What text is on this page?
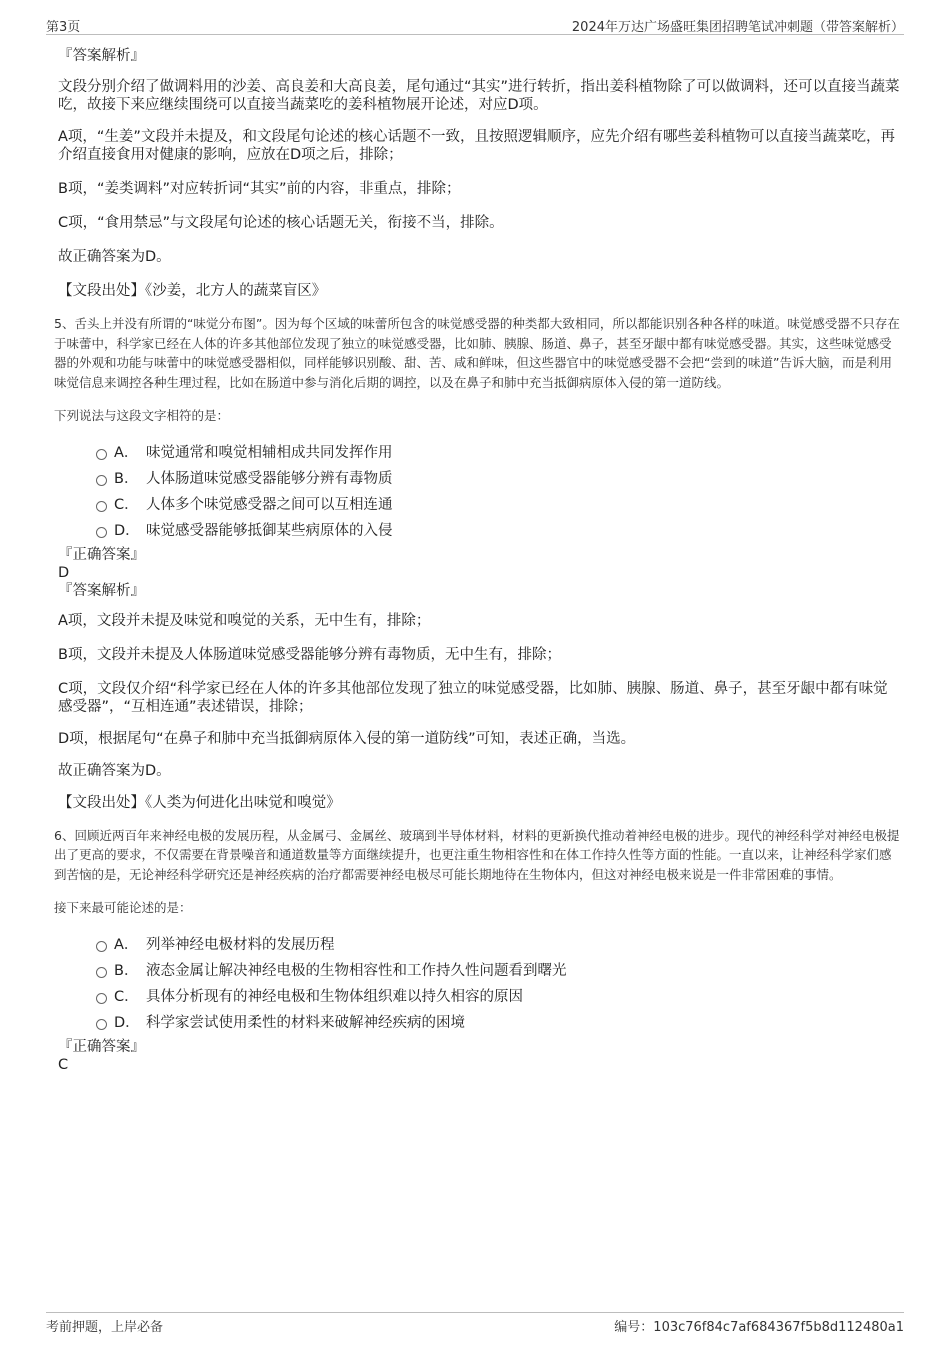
第3页	2024年万达广场盛旺集团招聘笔试冲刺题（带答案解析）
『答案解析』

文段分别介绍了做调料用的沙姜、高良姜和大高良姜，尾句通过“其实”进行转折，指出姜科植物除了可以做调料，还可以直接当蔬菜吃，故接下来应继续围绕可以直接当蔬菜吃的姜科植物展开论述，对应D项。

A项，“生姜”文段并未提及，和文段尾句论述的核心话题不一致，且按照逻辑顺序，应先介绍有哪些姜科植物可以直接当蔬菜吃，再介绍直接食用对健康的影响，应放在D项之后，排除；

B项，“姜类调料”对应转折词“其实”前的内容，非重点，排除；

C项，“食用禁忌”与文段尾句论述的核心话题无关，衔接不当，排除。

故正确答案为D。

【文段出处】《沙姜，北方人的蔬菜盲区》

5、舌头上并没有所谓的“味觉分布图”。因为每个区域的味蕾所包含的味觉感受器的种类都大致相同，所以都能识别各种各样的味道。味觉感受器不只存在于味蕾中，科学家已经在人体的许多其他部位发现了独立的味觉感受器，比如肺、胰腺、肠道、鼻子，甚至牙龈中都有味觉感受器。其实，这些味觉感受器的外观和功能与味蕾中的味觉感受器相似，同样能够识别酸、甜、苦、咸和鲜味，但这些器官中的味觉感受器不会把“尝到的味道”告诉大脑，而是利用味觉信息来调控各种生理过程，比如在肠道中参与消化后期的调控，以及在鼻子和肺中充当抵御病原体入侵的第一道防线。

下列说法与这段文字相符的是：

A． 味觉通常和嗅觉相辅相成共同发挥作用
B． 人体肠道味觉感受器能够分辨有毒物质
C． 人体多个味觉感受器之间可以互相连通
D． 味觉感受器能够抵御某些病原体的入侵
『正确答案』
D
『答案解析』

A项，文段并未提及味觉和嗅觉的关系，无中生有，排除；

B项，文段并未提及人体肠道味觉感受器能够分辨有毒物质，无中生有，排除；

C项，文段仅介绍“科学家已经在人体的许多其他部位发现了独立的味觉感受器，比如肺、胰腺、肠道、鼻子，甚至牙龈中都有味觉感受器”，“互相连通”表述错误，排除；

D项，根据尾句“在鼻子和肺中充当抵御病原体入侵的第一道防线”可知，表述正确，当选。

故正确答案为D。

【文段出处】《人类为何进化出味觉和嗅觉》

6、回顾近两百年来神经电极的发展历程，从金属弓、金属丝、玻璃到半导体材料，材料的更新换代推动着神经电极的进步。现代的神经科学对神经电极提出了更高的要求，不仅需要在背景噪音和通道数量等方面继续提升，也更注重生物相容性和在体工作持久性等方面的性能。一直以来，让神经科学家们感到苦恼的是，无论神经科学研究还是神经疾病的治疗都需要神经电极尽可能长期地待在生物体内，但这对神经电极来说是一件非常困难的事情。

接下来最可能论述的是：

A． 列举神经电极材料的发展历程
B． 液态金属让解决神经电极的生物相容性和工作持久性问题看到曙光
C． 具体分析现有的神经电极和生物体组织难以持久相容的原因
D． 科学家尝试使用柔性的材料来破解神经疾病的困境
『正确答案』
C
考前押题，上岸必备	编号：103c76f84c7af684367f5b8d112480a1
